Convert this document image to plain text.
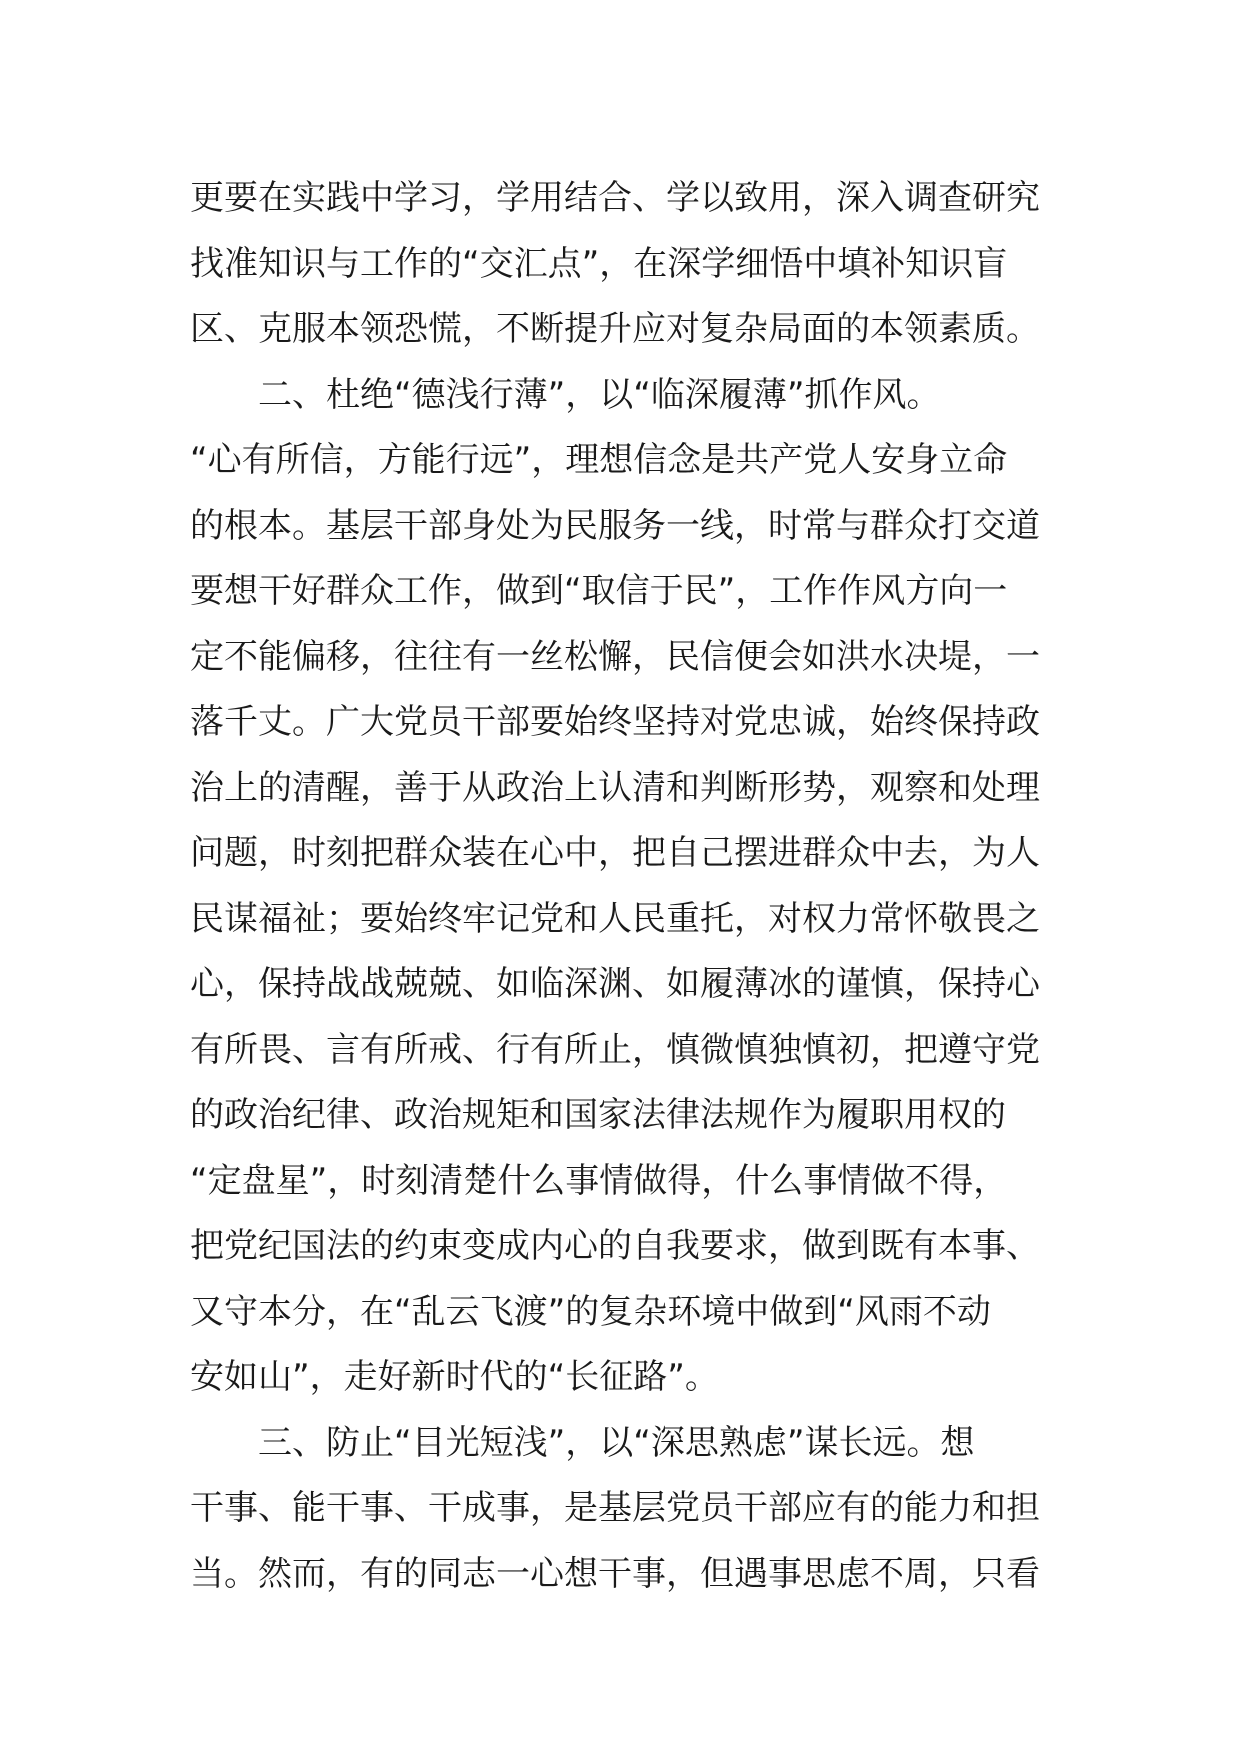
更要在实践中学习，学用结合、学以致用，深入调查研究
找准知识与工作的“交汇点”，在深学细悟中填补知识盲
区、克服本领恐慌，不断提升应对复杂局面的本领素质。
二、杜绝“德浅行薄”，以“临深履薄”抓作风。
“心有所信，方能行远”，理想信念是共产党人安身立命
的根本。基层干部身处为民服务一线，时常与群众打交道
要想干好群众工作，做到“取信于民”，工作作风方向一
定不能偏移，往往有一丝松懈，民信便会如洪水决堤，一
落千丈。广大党员干部要始终坚持对党忠诚，始终保持政
治上的清醒，善于从政治上认清和判断形势，观察和处理
问题，时刻把群众装在心中，把自己摆进群众中去，为人
民谋福祉；要始终牢记党和人民重托，对权力常怀敬畏之
心，保持战战兢兢、如临深渊、如履薄冰的谨慎，保持心
有所畏、言有所戒、行有所止，慎微慎独慎初，把遵守党
的政治纪律、政治规矩和国家法律法规作为履职用权的
“定盘星”，时刻清楚什么事情做得，什么事情做不得，
把党纪国法的约束变成内心的自我要求，做到既有本事、
又守本分，在“乱云飞渡”的复杂环境中做到“风雨不动
安如山”，走好新时代的“长征路”。
三、防止“目光短浅”，以“深思熟虑”谋长远。想
干事、能干事、干成事，是基层党员干部应有的能力和担
当。然而，有的同志一心想干事，但遇事思虑不周，只看
